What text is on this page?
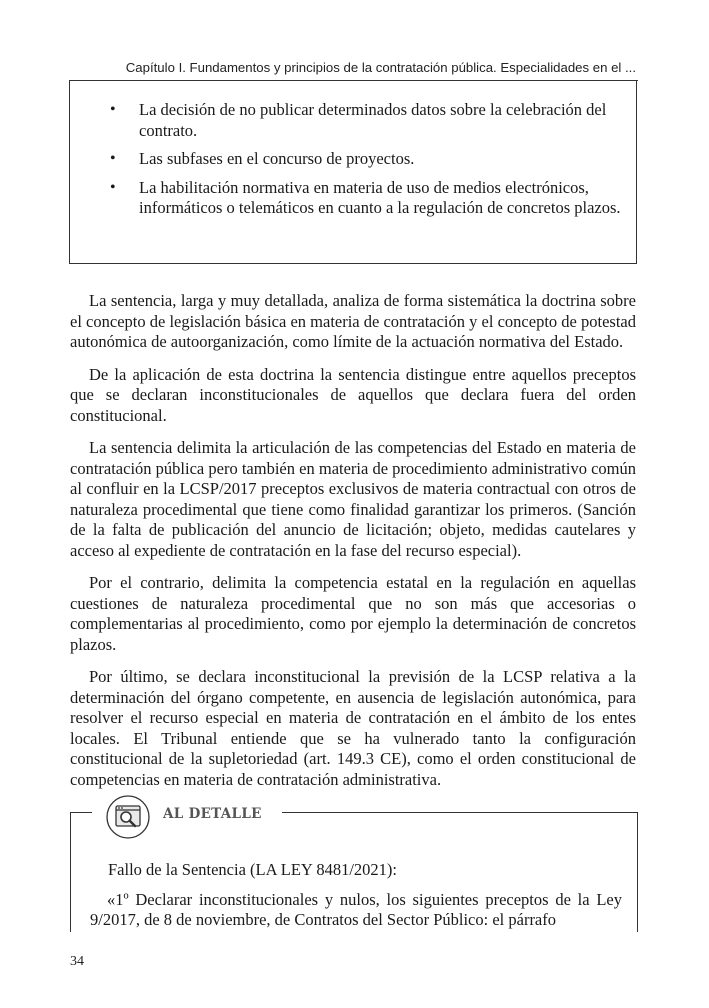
Capítulo I. Fundamentos y principios de la contratación pública. Especialidades en el ...
• La decisión de no publicar determinados datos sobre la celebración del contrato.
• Las subfases en el concurso de proyectos.
• La habilitación normativa en materia de uso de medios electrónicos, informáticos o telemáticos en cuanto a la regulación de concretos plazos.

La sentencia, larga y muy detallada, analiza de forma sistemática la doctrina sobre el concepto de legislación básica en materia de contratación y el concepto de potestad autonómica de autoorganización, como límite de la actuación normativa del Estado.

De la aplicación de esta doctrina la sentencia distingue entre aquellos preceptos que se declaran inconstitucionales de aquellos que declara fuera del orden constitucional.

La sentencia delimita la articulación de las competencias del Estado en materia de contratación pública pero también en materia de procedimiento administrativo común al confluir en la LCSP/2017 preceptos exclusivos de materia contractual con otros de naturaleza procedimental que tiene como finalidad garantizar los primeros. (Sanción de la falta de publicación del anuncio de licitación; objeto, medidas cautelares y acceso al expediente de contratación en la fase del recurso especial).

Por el contrario, delimita la competencia estatal en la regulación en aquellas cuestiones de naturaleza procedimental que no son más que accesorias o complementarias al procedimiento, como por ejemplo la determinación de concretos plazos.

Por último, se declara inconstitucional la previsión de la LCSP relativa a la determinación del órgano competente, en ausencia de legislación autonómica, para resolver el recurso especial en materia de contratación en el ámbito de los entes locales. El Tribunal entiende que se ha vulnerado tanto la configuración constitucional de la supletoriedad (art. 149.3 CE), como el orden constitucional de competencias en materia de contratación administrativa.

AL DETALLE

Fallo de la Sentencia (LA LEY 8481/2021):

«1º Declarar inconstitucionales y nulos, los siguientes preceptos de la Ley 9/2017, de 8 de noviembre, de Contratos del Sector Público: el párrafo

34
